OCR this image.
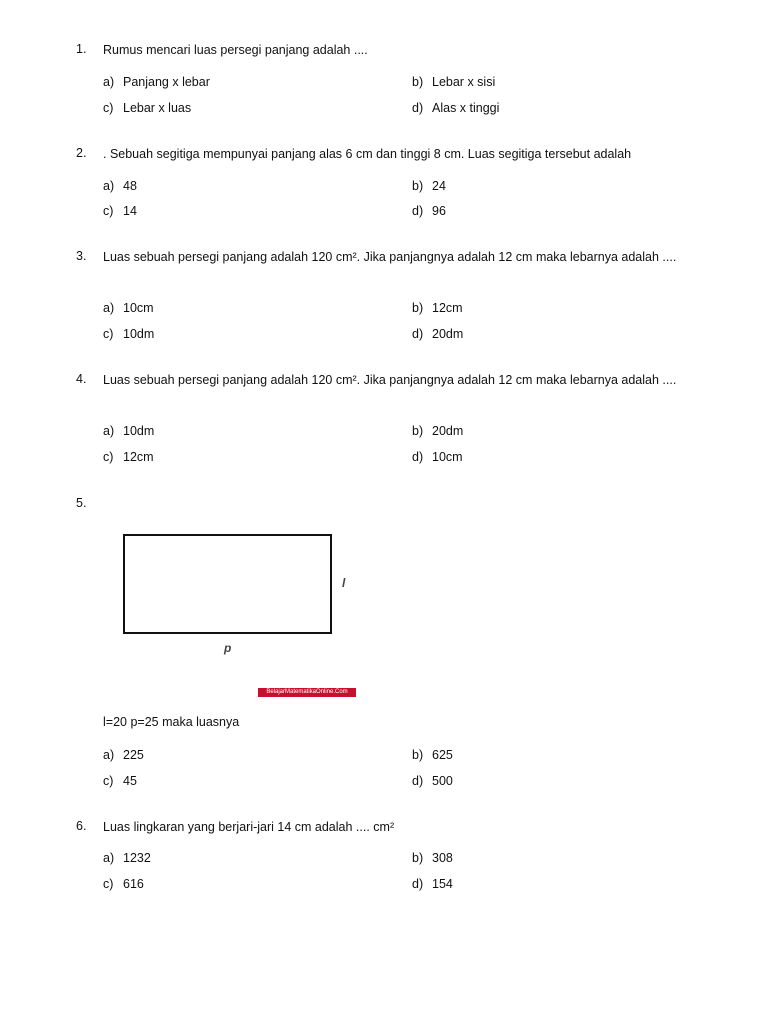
1. Rumus mencari luas persegi panjang adalah ....
a) Panjang x lebar	b) Lebar x sisi
c) Lebar x luas	d) Alas x tinggi
2. . Sebuah segitiga mempunyai panjang alas 6 cm dan tinggi 8 cm. Luas segitiga tersebut adalah
a) 48	b) 24
c) 14	d) 96
3. Luas sebuah persegi panjang adalah 120 cm². Jika panjangnya adalah 12 cm maka lebarnya adalah ....
a) 10cm	b) 12cm
c) 10dm	d) 20dm
4. Luas sebuah persegi panjang adalah 120 cm². Jika panjangnya adalah 12 cm maka lebarnya adalah ....
a) 10dm	b) 20dm
c) 12cm	d) 10cm
5.
l
p
BelajarMatematikaOnline.Com
l=20 p=25 maka luasnya
a) 225	b) 625
c) 45	d) 500
6. Luas lingkaran yang berjari-jari 14 cm adalah .... cm²
a) 1232	b) 308
c) 616	d) 154
